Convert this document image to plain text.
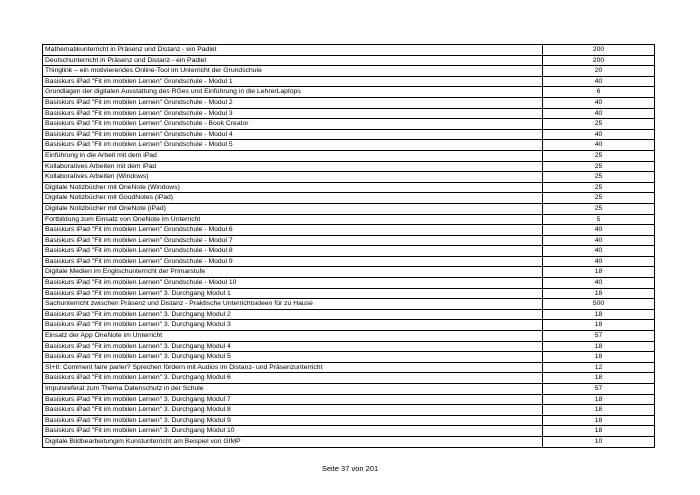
Mathematikunterricht in Präsenz und Distanz - ein Padlet	200
Deutschunterricht in Präsenz und Distanz - ein Padlet	200
Thinglink – ein motivierendes Online-Tool im Unterricht der Grundschule	20
Basiskurs iPad "Fit im mobilen Lernen" Grundschule - Modul 1	40
Grundlagen der digitalen Ausstattung des RGes und Einführung in die LehrerLaptops	6
Basiskurs iPad "Fit im mobilen Lernen" Grundschule - Modul 2	40
Basiskurs iPad "Fit im mobilen Lernen" Grundschule - Modul 3	40
Basiskurs iPad "Fit im mobilen Lernen" Grundschule - Book Creator	25
Basiskurs iPad "Fit im mobilen Lernen" Grundschule - Modul 4	40
Basiskurs iPad "Fit im mobilen Lernen" Grundschule - Modul 5	40
Einführung in die Arbeit mit dem iPad	25
Kollaboratives Arbeiten mit dem iPad	25
Kollaboratives Arbeiten (Windows)	25
Digitale Notizbücher mit OneNote (Windows)	25
Digitale Notizbücher mit GoodNotes (iPad)	25
Digitale Notizbücher mit OneNote (iPad)	25
Fortbildung zum Einsatz von OneNote im Unterricht	5
Basiskurs iPad "Fit im mobilen Lernen" Grundschule - Modul 6	40
Basiskurs iPad "Fit im mobilen Lernen" Grundschule - Modul 7	40
Basiskurs iPad "Fit im mobilen Lernen" Grundschule - Modul 8	40
Basiskurs iPad "Fit im mobilen Lernen" Grundschule - Modul 9	40
Digitale Medien im Englischunterricht der Primarstufe	18
Basiskurs iPad "Fit im mobilen Lernen" Grundschule - Modul 10	40
Basiskurs iPad "Fit im mobilen Lernen" 3. Durchgang Modul 1	18
Sachunterricht zwischen Präsenz und Distanz - Praktische Unterrichtsideen für zu Hause	500
Basiskurs iPad "Fit im mobilen Lernen" 3. Durchgang Modul 2	18
Basiskurs iPad "Fit im mobilen Lernen" 3. Durchgang Modul 3	18
Einsatz der App OneNote im Unterricht	57
Basiskurs iPad "Fit im mobilen Lernen" 3. Durchgang Modul 4	18
Basiskurs iPad "Fit im mobilen Lernen" 3. Durchgang Modul 5	18
SI+II: Comment faire parler? Sprechen fördern mit Audios im Distanz- und Präsenzunterricht	12
Basiskurs iPad "Fit im mobilen Lernen" 3. Durchgang Modul 6	18
Impulsreferat zum Thema Datenschutz in der Schule	57
Basiskurs iPad "Fit im mobilen Lernen" 3. Durchgang Modul 7	18
Basiskurs iPad "Fit im mobilen Lernen" 3. Durchgang Modul 8	18
Basiskurs iPad "Fit im mobilen Lernen" 3. Durchgang Modul 9	18
Basiskurs iPad "Fit im mobilen Lernen" 3. Durchgang Modul 10	18
Digitale Bildbearbeitungim Kunstunterricht am Beispiel von GIMP	10
Seite 37 von 201
